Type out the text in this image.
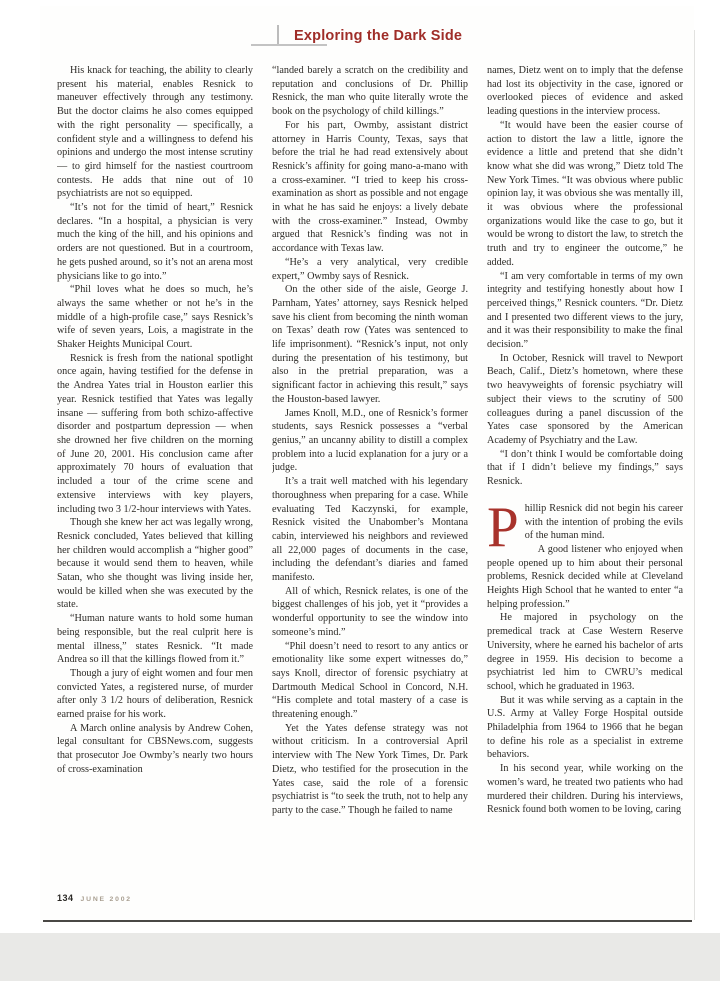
Exploring the Dark Side

His knack for teaching, the ability to clearly present his material, enables Resnick to maneuver effectively through any testimony. But the doctor claims he also comes equipped with the right personality — specifically, a confident style and a willingness to defend his opinions and undergo the most intense scrutiny — to gird himself for the nastiest courtroom contests. He adds that nine out of 10 psychiatrists are not so equipped.

“It’s not for the timid of heart,” Resnick declares. “In a hospital, a physician is very much the king of the hill, and his opinions and orders are not questioned. But in a courtroom, he gets pushed around, so it’s not an arena most physicians like to go into.”

“Phil loves what he does so much, he’s always the same whether or not he’s in the middle of a high-profile case,” says Resnick’s wife of seven years, Lois, a magistrate in the Shaker Heights Municipal Court.

Resnick is fresh from the national spotlight once again, having testified for the defense in the Andrea Yates trial in Houston earlier this year. Resnick testified that Yates was legally insane — suffering from both schizo-affective disorder and postpartum depression — when she drowned her five children on the morning of June 20, 2001. His conclusion came after approximately 70 hours of evaluation that included a tour of the crime scene and extensive interviews with key players, including two 3 1/2-hour interviews with Yates.

Though she knew her act was legally wrong, Resnick concluded, Yates believed that killing her children would accomplish a “higher good” because it would send them to heaven, while Satan, who she thought was living inside her, would be killed when she was executed by the state.

“Human nature wants to hold some human being responsible, but the real culprit here is mental illness,” states Resnick. “It made Andrea so ill that the killings flowed from it.”

Though a jury of eight women and four men convicted Yates, a registered nurse, of murder after only 3 1/2 hours of deliberation, Resnick earned praise for his work.

A March online analysis by Andrew Cohen, legal consultant for CBSNews.com, suggests that prosecutor Joe Owmby’s nearly two hours of cross-examination

“landed barely a scratch on the credibility and reputation and conclusions of Dr. Phillip Resnick, the man who quite literally wrote the book on the psychology of child killings.”

For his part, Owmby, assistant district attorney in Harris County, Texas, says that before the trial he had read extensively about Resnick’s affinity for going mano-a-mano with a cross-examiner. “I tried to keep his cross-examination as short as possible and not engage in what he has said he enjoys: a lively debate with the cross-examiner.” Instead, Owmby argued that Resnick’s finding was not in accordance with Texas law.

“He’s a very analytical, very credible expert,” Owmby says of Resnick.

On the other side of the aisle, George J. Parnham, Yates’ attorney, says Resnick helped save his client from becoming the ninth woman on Texas’ death row (Yates was sentenced to life imprisonment). “Resnick’s input, not only during the presentation of his testimony, but also in the pretrial preparation, was a significant factor in achieving this result,” says the Houston-based lawyer.

James Knoll, M.D., one of Resnick’s former students, says Resnick possesses a “verbal genius,” an uncanny ability to distill a complex problem into a lucid explanation for a jury or a judge.

It’s a trait well matched with his legendary thoroughness when preparing for a case. While evaluating Ted Kaczynski, for example, Resnick visited the Unabomber’s Montana cabin, interviewed his neighbors and reviewed all 22,000 pages of documents in the case, including the defendant’s diaries and famed manifesto.

All of which, Resnick relates, is one of the biggest challenges of his job, yet it “provides a wonderful opportunity to see the window into someone’s mind.”

“Phil doesn’t need to resort to any antics or emotionality like some expert witnesses do,” says Knoll, director of forensic psychiatry at Dartmouth Medical School in Concord, N.H. “His complete and total mastery of a case is threatening enough.”

Yet the Yates defense strategy was not without criticism. In a controversial April interview with The New York Times, Dr. Park Dietz, who testified for the prosecution in the Yates case, said the role of a forensic psychiatrist is “to seek the truth, not to help any party to the case.” Though he failed to name

names, Dietz went on to imply that the defense had lost its objectivity in the case, ignored or overlooked pieces of evidence and asked leading questions in the interview process.

“It would have been the easier course of action to distort the law a little, ignore the evidence a little and pretend that she didn’t know what she did was wrong,” Dietz told The New York Times. “It was obvious where public opinion lay, it was obvious she was mentally ill, it was obvious where the professional organizations would like the case to go, but it would be wrong to distort the law, to stretch the truth and try to engineer the outcome,” he added.

“I am very comfortable in terms of my own integrity and testifying honestly about how I perceived things,” Resnick counters. “Dr. Dietz and I presented two different views to the jury, and it was their responsibility to make the final decision.”

In October, Resnick will travel to Newport Beach, Calif., Dietz’s hometown, where these two heavyweights of forensic psychiatry will subject their views to the scrutiny of 500 colleagues during a panel discussion of the Yates case sponsored by the American Academy of Psychiatry and the Law.

“I don’t think I would be comfortable doing that if I didn’t believe my findings,” says Resnick.

Phillip Resnick did not begin his career with the intention of probing the evils of the human mind.

A good listener who enjoyed when people opened up to him about their personal problems, Resnick decided while at Cleveland Heights High School that he wanted to enter “a helping profession.”

He majored in psychology on the premedical track at Case Western Reserve University, where he earned his bachelor of arts degree in 1959. His decision to become a psychiatrist led him to CWRU’s medical school, which he graduated in 1963.

But it was while serving as a captain in the U.S. Army at Valley Forge Hospital outside Philadelphia from 1964 to 1966 that he began to define his role as a specialist in extreme behaviors.

In his second year, while working on the women’s ward, he treated two patients who had murdered their children. During his interviews, Resnick found both women to be loving, caring

134 JUNE 2002
